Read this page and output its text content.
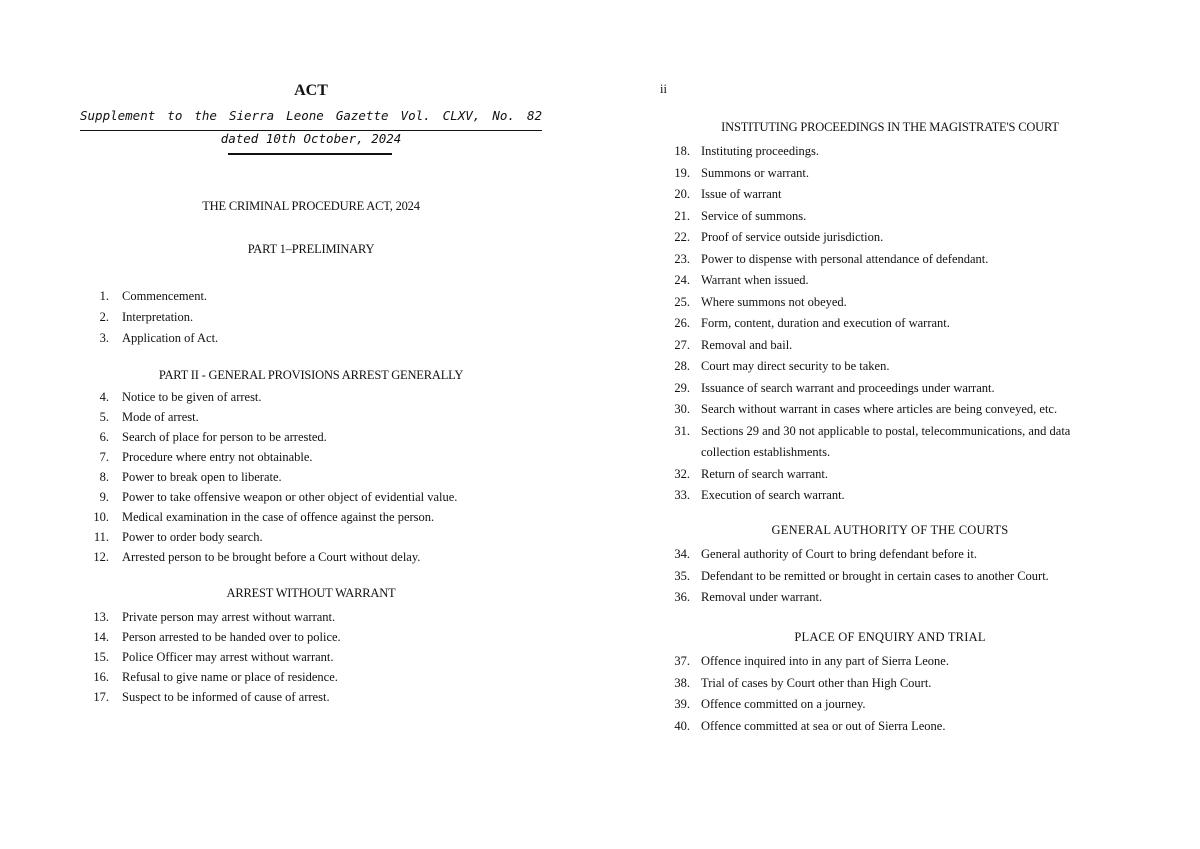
ACT
Supplement to the Sierra Leone Gazette Vol. CLXV, No. 82
dated 10th October, 2024
THE CRIMINAL PROCEDURE ACT, 2024
PART 1–PRELIMINARY
1. Commencement.
2. Interpretation.
3. Application of Act.
PART II - GENERAL PROVISIONS ARREST GENERALLY
4. Notice to be given of arrest.
5. Mode of arrest.
6. Search of place for person to be arrested.
7. Procedure where entry not obtainable.
8. Power to break open to liberate.
9. Power to take offensive weapon or other object of evidential value.
10. Medical examination in the case of offence against the person.
11. Power to order body search.
12. Arrested person to be brought before a Court without delay.
ARREST WITHOUT WARRANT
13. Private person may arrest without warrant.
14. Person arrested to be handed over to police.
15. Police Officer may arrest without warrant.
16. Refusal to give name or place of residence.
17. Suspect to be informed of cause of arrest.
ii
INSTITUTING PROCEEDINGS IN THE MAGISTRATE'S COURT
18. Instituting proceedings.
19. Summons or warrant.
20. Issue of warrant
21. Service of summons.
22. Proof of service outside jurisdiction.
23. Power to dispense with personal attendance of defendant.
24. Warrant when issued.
25. Where summons not obeyed.
26. Form, content, duration and execution of warrant.
27. Removal and bail.
28. Court may direct security to be taken.
29. Issuance of search warrant and proceedings under warrant.
30. Search without warrant in cases where articles are being conveyed, etc.
31. Sections 29 and 30 not applicable to postal, telecommunications, and data
collection establishments.
32. Return of search warrant.
33. Execution of search warrant.
GENERAL AUTHORITY OF THE COURTS
34. General authority of Court to bring defendant before it.
35. Defendant to be remitted or brought in certain cases to another Court.
36. Removal under warrant.
PLACE OF ENQUIRY AND TRIAL
37. Offence inquired into in any part of Sierra Leone.
38. Trial of cases by Court other than High Court.
39. Offence committed on a journey.
40. Offence committed at sea or out of Sierra Leone.
